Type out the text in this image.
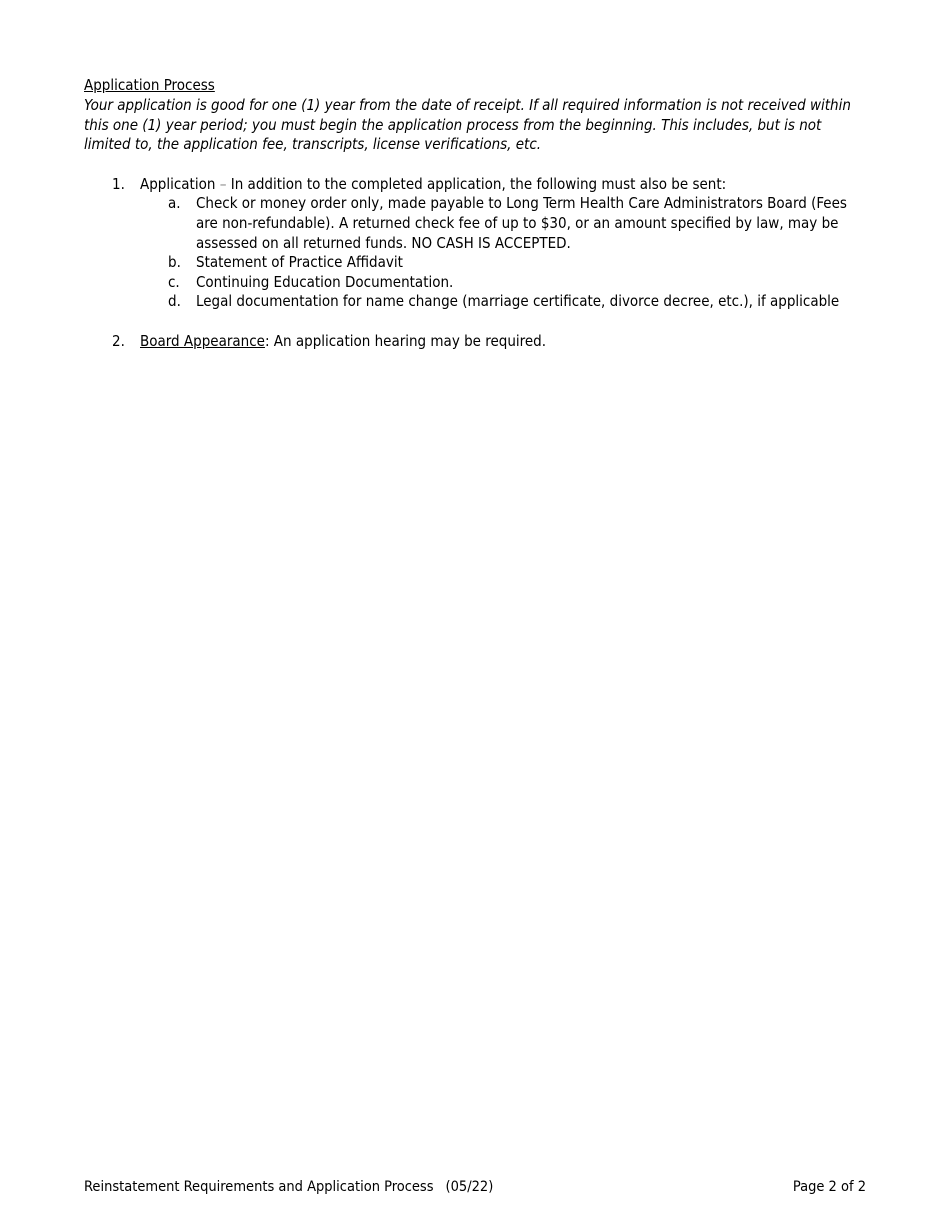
Application Process

Your application is good for one (1) year from the date of receipt. If all required information is not received within this one (1) year period; you must begin the application process from the beginning. This includes, but is not limited to, the application fee, transcripts, license verifications, etc.

1. Application – In addition to the completed application, the following must also be sent:
a. Check or money order only, made payable to Long Term Health Care Administrators Board (Fees are non-refundable). A returned check fee of up to $30, or an amount specified by law, may be assessed on all returned funds. NO CASH IS ACCEPTED.
b. Statement of Practice Affidavit
c. Continuing Education Documentation.
d. Legal documentation for name change (marriage certificate, divorce decree, etc.), if applicable
2. Board Appearance: An application hearing may be required.
Reinstatement Requirements and Application Process (05/22)	Page 2 of 2
